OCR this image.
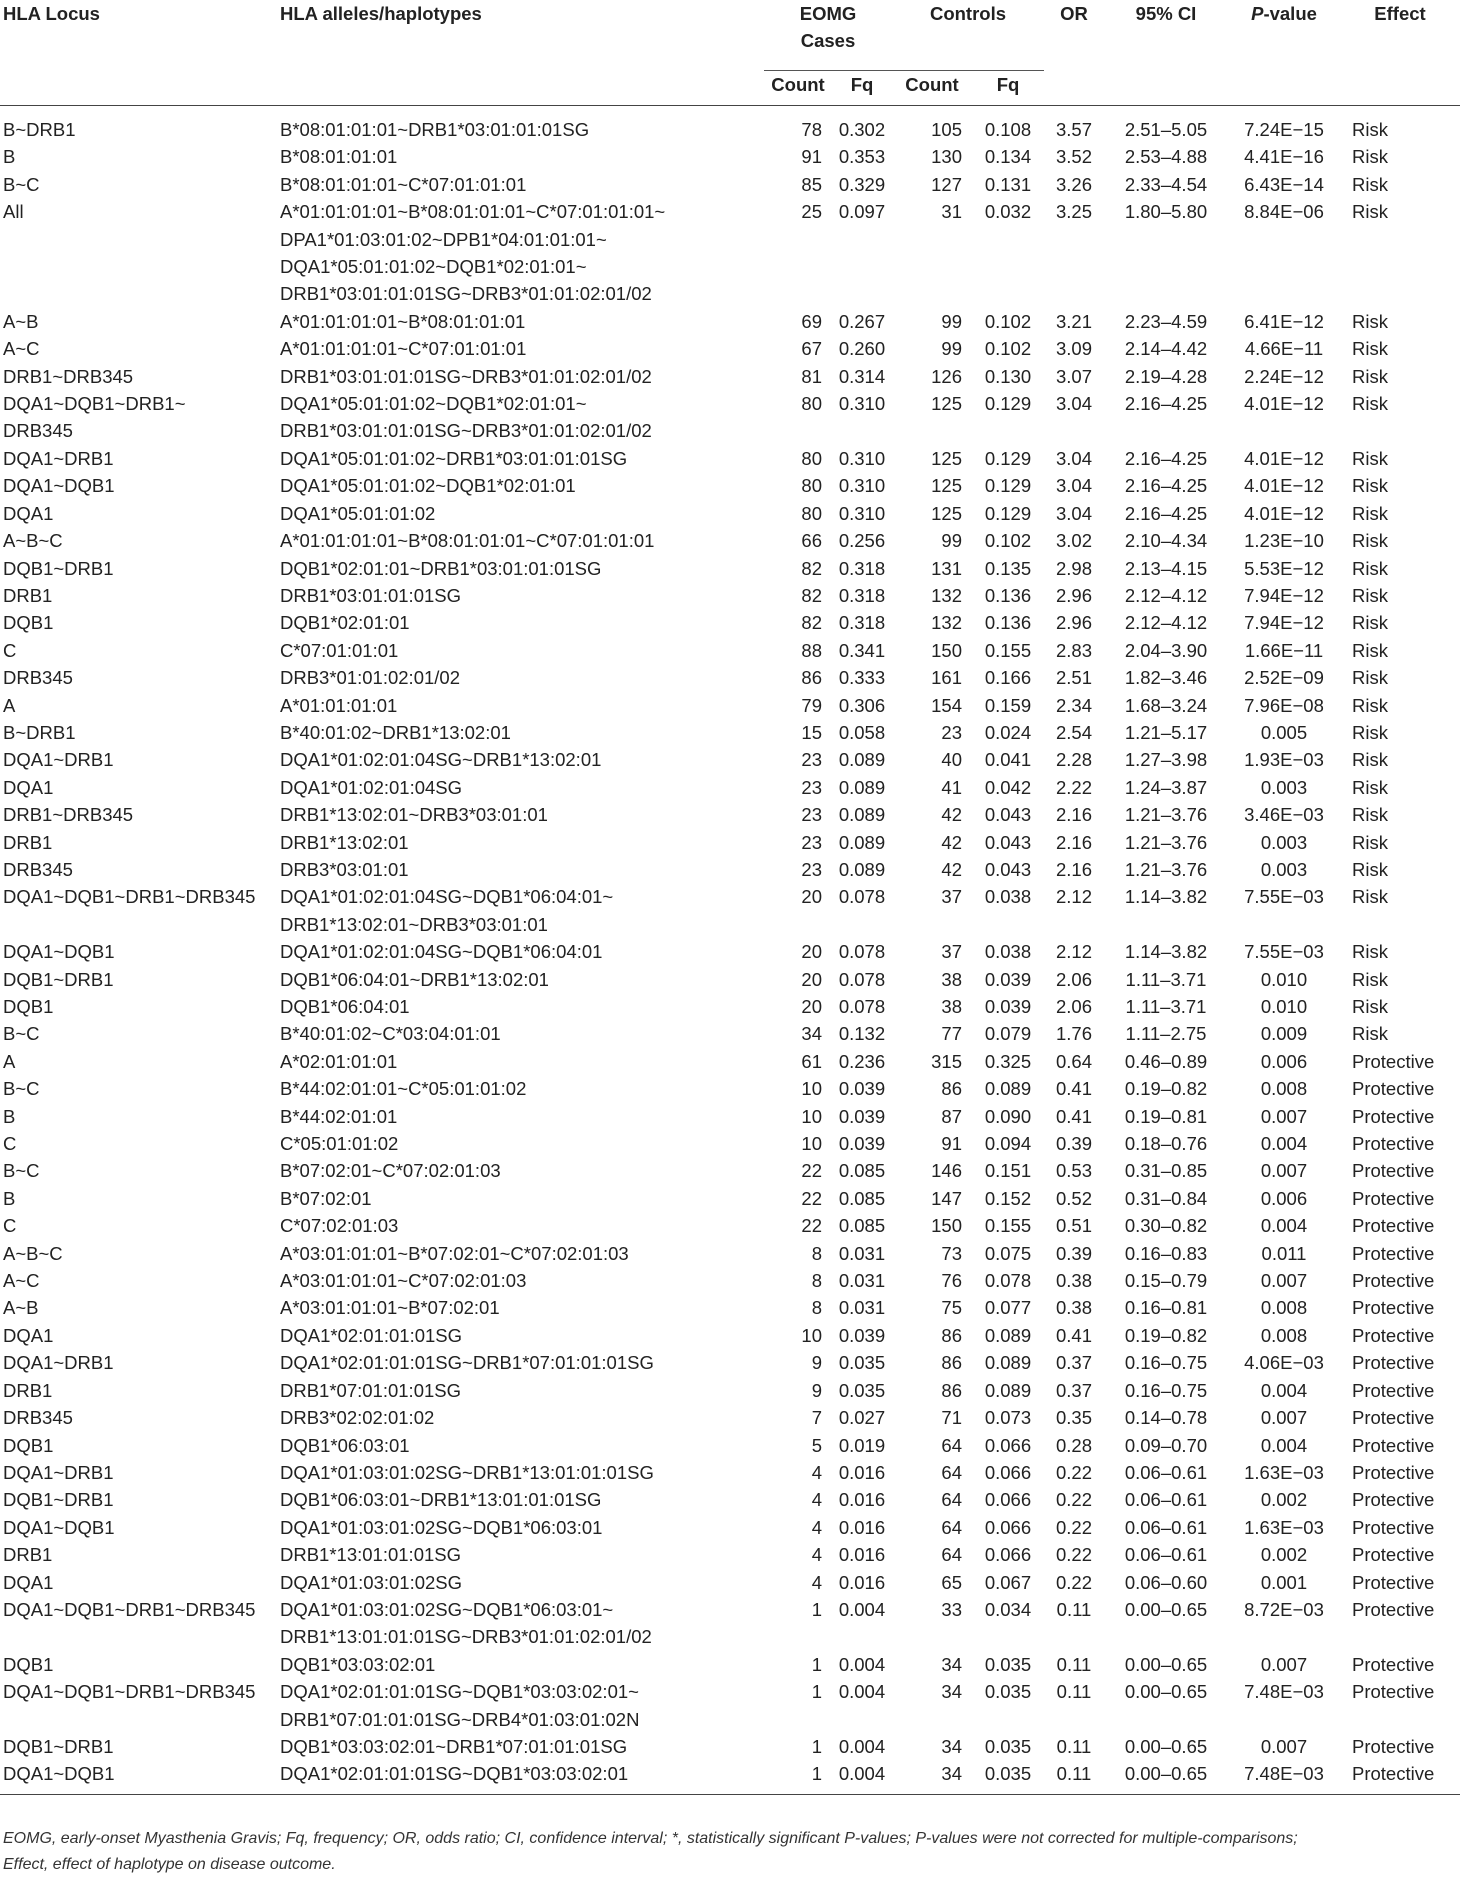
HLA Locus	HLA alleles/haplotypes	EOMG Cases		Controls		OR	95% CI	P-value	Effect
		Count	Fq	Count	Fq				
B~DRB1	B*08:01:01:01~DRB1*03:01:01:01SG	78	0.302	105	0.108	3.57	2.51–5.05	7.24E−15	Risk
B	B*08:01:01:01	91	0.353	130	0.134	3.52	2.53–4.88	4.41E−16	Risk
B~C	B*08:01:01:01~C*07:01:01:01	85	0.329	127	0.131	3.26	2.33–4.54	6.43E−14	Risk
All	A*01:01:01:01~B*08:01:01:01~C*07:01:01:01~
DPA1*01:03:01:02~DPB1*04:01:01:01~
DQA1*05:01:01:02~DQB1*02:01:01~
DRB1*03:01:01:01SG~DRB3*01:01:02:01/02	25	0.097	31	0.032	3.25	1.80–5.80	8.84E−06	Risk
A~B	A*01:01:01:01~B*08:01:01:01	69	0.267	99	0.102	3.21	2.23–4.59	6.41E−12	Risk
A~C	A*01:01:01:01~C*07:01:01:01	67	0.260	99	0.102	3.09	2.14–4.42	4.66E−11	Risk
DRB1~DRB345	DRB1*03:01:01:01SG~DRB3*01:01:02:01/02	81	0.314	126	0.130	3.07	2.19–4.28	2.24E−12	Risk
DQA1~DQB1~DRB1~
DRB345	DQA1*05:01:01:02~DQB1*02:01:01~
DRB1*03:01:01:01SG~DRB3*01:01:02:01/02	80	0.310	125	0.129	3.04	2.16–4.25	4.01E−12	Risk
DQA1~DRB1	DQA1*05:01:01:02~DRB1*03:01:01:01SG	80	0.310	125	0.129	3.04	2.16–4.25	4.01E−12	Risk
DQA1~DQB1	DQA1*05:01:01:02~DQB1*02:01:01	80	0.310	125	0.129	3.04	2.16–4.25	4.01E−12	Risk
DQA1	DQA1*05:01:01:02	80	0.310	125	0.129	3.04	2.16–4.25	4.01E−12	Risk
A~B~C	A*01:01:01:01~B*08:01:01:01~C*07:01:01:01	66	0.256	99	0.102	3.02	2.10–4.34	1.23E−10	Risk
DQB1~DRB1	DQB1*02:01:01~DRB1*03:01:01:01SG	82	0.318	131	0.135	2.98	2.13–4.15	5.53E−12	Risk
DRB1	DRB1*03:01:01:01SG	82	0.318	132	0.136	2.96	2.12–4.12	7.94E−12	Risk
DQB1	DQB1*02:01:01	82	0.318	132	0.136	2.96	2.12–4.12	7.94E−12	Risk
C	C*07:01:01:01	88	0.341	150	0.155	2.83	2.04–3.90	1.66E−11	Risk
DRB345	DRB3*01:01:02:01/02	86	0.333	161	0.166	2.51	1.82–3.46	2.52E−09	Risk
A	A*01:01:01:01	79	0.306	154	0.159	2.34	1.68–3.24	7.96E−08	Risk
B~DRB1	B*40:01:02~DRB1*13:02:01	15	0.058	23	0.024	2.54	1.21–5.17	0.005	Risk
DQA1~DRB1	DQA1*01:02:01:04SG~DRB1*13:02:01	23	0.089	40	0.041	2.28	1.27–3.98	1.93E−03	Risk
DQA1	DQA1*01:02:01:04SG	23	0.089	41	0.042	2.22	1.24–3.87	0.003	Risk
DRB1~DRB345	DRB1*13:02:01~DRB3*03:01:01	23	0.089	42	0.043	2.16	1.21–3.76	3.46E−03	Risk
DRB1	DRB1*13:02:01	23	0.089	42	0.043	2.16	1.21–3.76	0.003	Risk
DRB345	DRB3*03:01:01	23	0.089	42	0.043	2.16	1.21–3.76	0.003	Risk
DQA1~DQB1~DRB1~DRB345	DQA1*01:02:01:04SG~DQB1*06:04:01~
DRB1*13:02:01~DRB3*03:01:01	20	0.078	37	0.038	2.12	1.14–3.82	7.55E−03	Risk
DQA1~DQB1	DQA1*01:02:01:04SG~DQB1*06:04:01	20	0.078	37	0.038	2.12	1.14–3.82	7.55E−03	Risk
DQB1~DRB1	DQB1*06:04:01~DRB1*13:02:01	20	0.078	38	0.039	2.06	1.11–3.71	0.010	Risk
DQB1	DQB1*06:04:01	20	0.078	38	0.039	2.06	1.11–3.71	0.010	Risk
B~C	B*40:01:02~C*03:04:01:01	34	0.132	77	0.079	1.76	1.11–2.75	0.009	Risk
A	A*02:01:01:01	61	0.236	315	0.325	0.64	0.46–0.89	0.006	Protective
B~C	B*44:02:01:01~C*05:01:01:02	10	0.039	86	0.089	0.41	0.19–0.82	0.008	Protective
B	B*44:02:01:01	10	0.039	87	0.090	0.41	0.19–0.81	0.007	Protective
C	C*05:01:01:02	10	0.039	91	0.094	0.39	0.18–0.76	0.004	Protective
B~C	B*07:02:01~C*07:02:01:03	22	0.085	146	0.151	0.53	0.31–0.85	0.007	Protective
B	B*07:02:01	22	0.085	147	0.152	0.52	0.31–0.84	0.006	Protective
C	C*07:02:01:03	22	0.085	150	0.155	0.51	0.30–0.82	0.004	Protective
A~B~C	A*03:01:01:01~B*07:02:01~C*07:02:01:03	8	0.031	73	0.075	0.39	0.16–0.83	0.011	Protective
A~C	A*03:01:01:01~C*07:02:01:03	8	0.031	76	0.078	0.38	0.15–0.79	0.007	Protective
A~B	A*03:01:01:01~B*07:02:01	8	0.031	75	0.077	0.38	0.16–0.81	0.008	Protective
DQA1	DQA1*02:01:01:01SG	10	0.039	86	0.089	0.41	0.19–0.82	0.008	Protective
DQA1~DRB1	DQA1*02:01:01:01SG~DRB1*07:01:01:01SG	9	0.035	86	0.089	0.37	0.16–0.75	4.06E−03	Protective
DRB1	DRB1*07:01:01:01SG	9	0.035	86	0.089	0.37	0.16–0.75	0.004	Protective
DRB345	DRB3*02:02:01:02	7	0.027	71	0.073	0.35	0.14–0.78	0.007	Protective
DQB1	DQB1*06:03:01	5	0.019	64	0.066	0.28	0.09–0.70	0.004	Protective
DQA1~DRB1	DQA1*01:03:01:02SG~DRB1*13:01:01:01SG	4	0.016	64	0.066	0.22	0.06–0.61	1.63E−03	Protective
DQB1~DRB1	DQB1*06:03:01~DRB1*13:01:01:01SG	4	0.016	64	0.066	0.22	0.06–0.61	0.002	Protective
DQA1~DQB1	DQA1*01:03:01:02SG~DQB1*06:03:01	4	0.016	64	0.066	0.22	0.06–0.61	1.63E−03	Protective
DRB1	DRB1*13:01:01:01SG	4	0.016	64	0.066	0.22	0.06–0.61	0.002	Protective
DQA1	DQA1*01:03:01:02SG	4	0.016	65	0.067	0.22	0.06–0.60	0.001	Protective
DQA1~DQB1~DRB1~DRB345	DQA1*01:03:01:02SG~DQB1*06:03:01~
DRB1*13:01:01:01SG~DRB3*01:01:02:01/02	1	0.004	33	0.034	0.11	0.00–0.65	8.72E−03	Protective
DQB1	DQB1*03:03:02:01	1	0.004	34	0.035	0.11	0.00–0.65	0.007	Protective
DQA1~DQB1~DRB1~DRB345	DQA1*02:01:01:01SG~DQB1*03:03:02:01~
DRB1*07:01:01:01SG~DRB4*01:03:01:02N	1	0.004	34	0.035	0.11	0.00–0.65	7.48E−03	Protective
DQB1~DRB1	DQB1*03:03:02:01~DRB1*07:01:01:01SG	1	0.004	34	0.035	0.11	0.00–0.65	0.007	Protective
DQA1~DQB1	DQA1*02:01:01:01SG~DQB1*03:03:02:01	1	0.004	34	0.035	0.11	0.00–0.65	7.48E−03	Protective
EOMG, early-onset Myasthenia Gravis; Fq, frequency; OR, odds ratio; CI, confidence interval; *, statistically significant P-values; P-values were not corrected for multiple-comparisons;
Effect, effect of haplotype on disease outcome.
